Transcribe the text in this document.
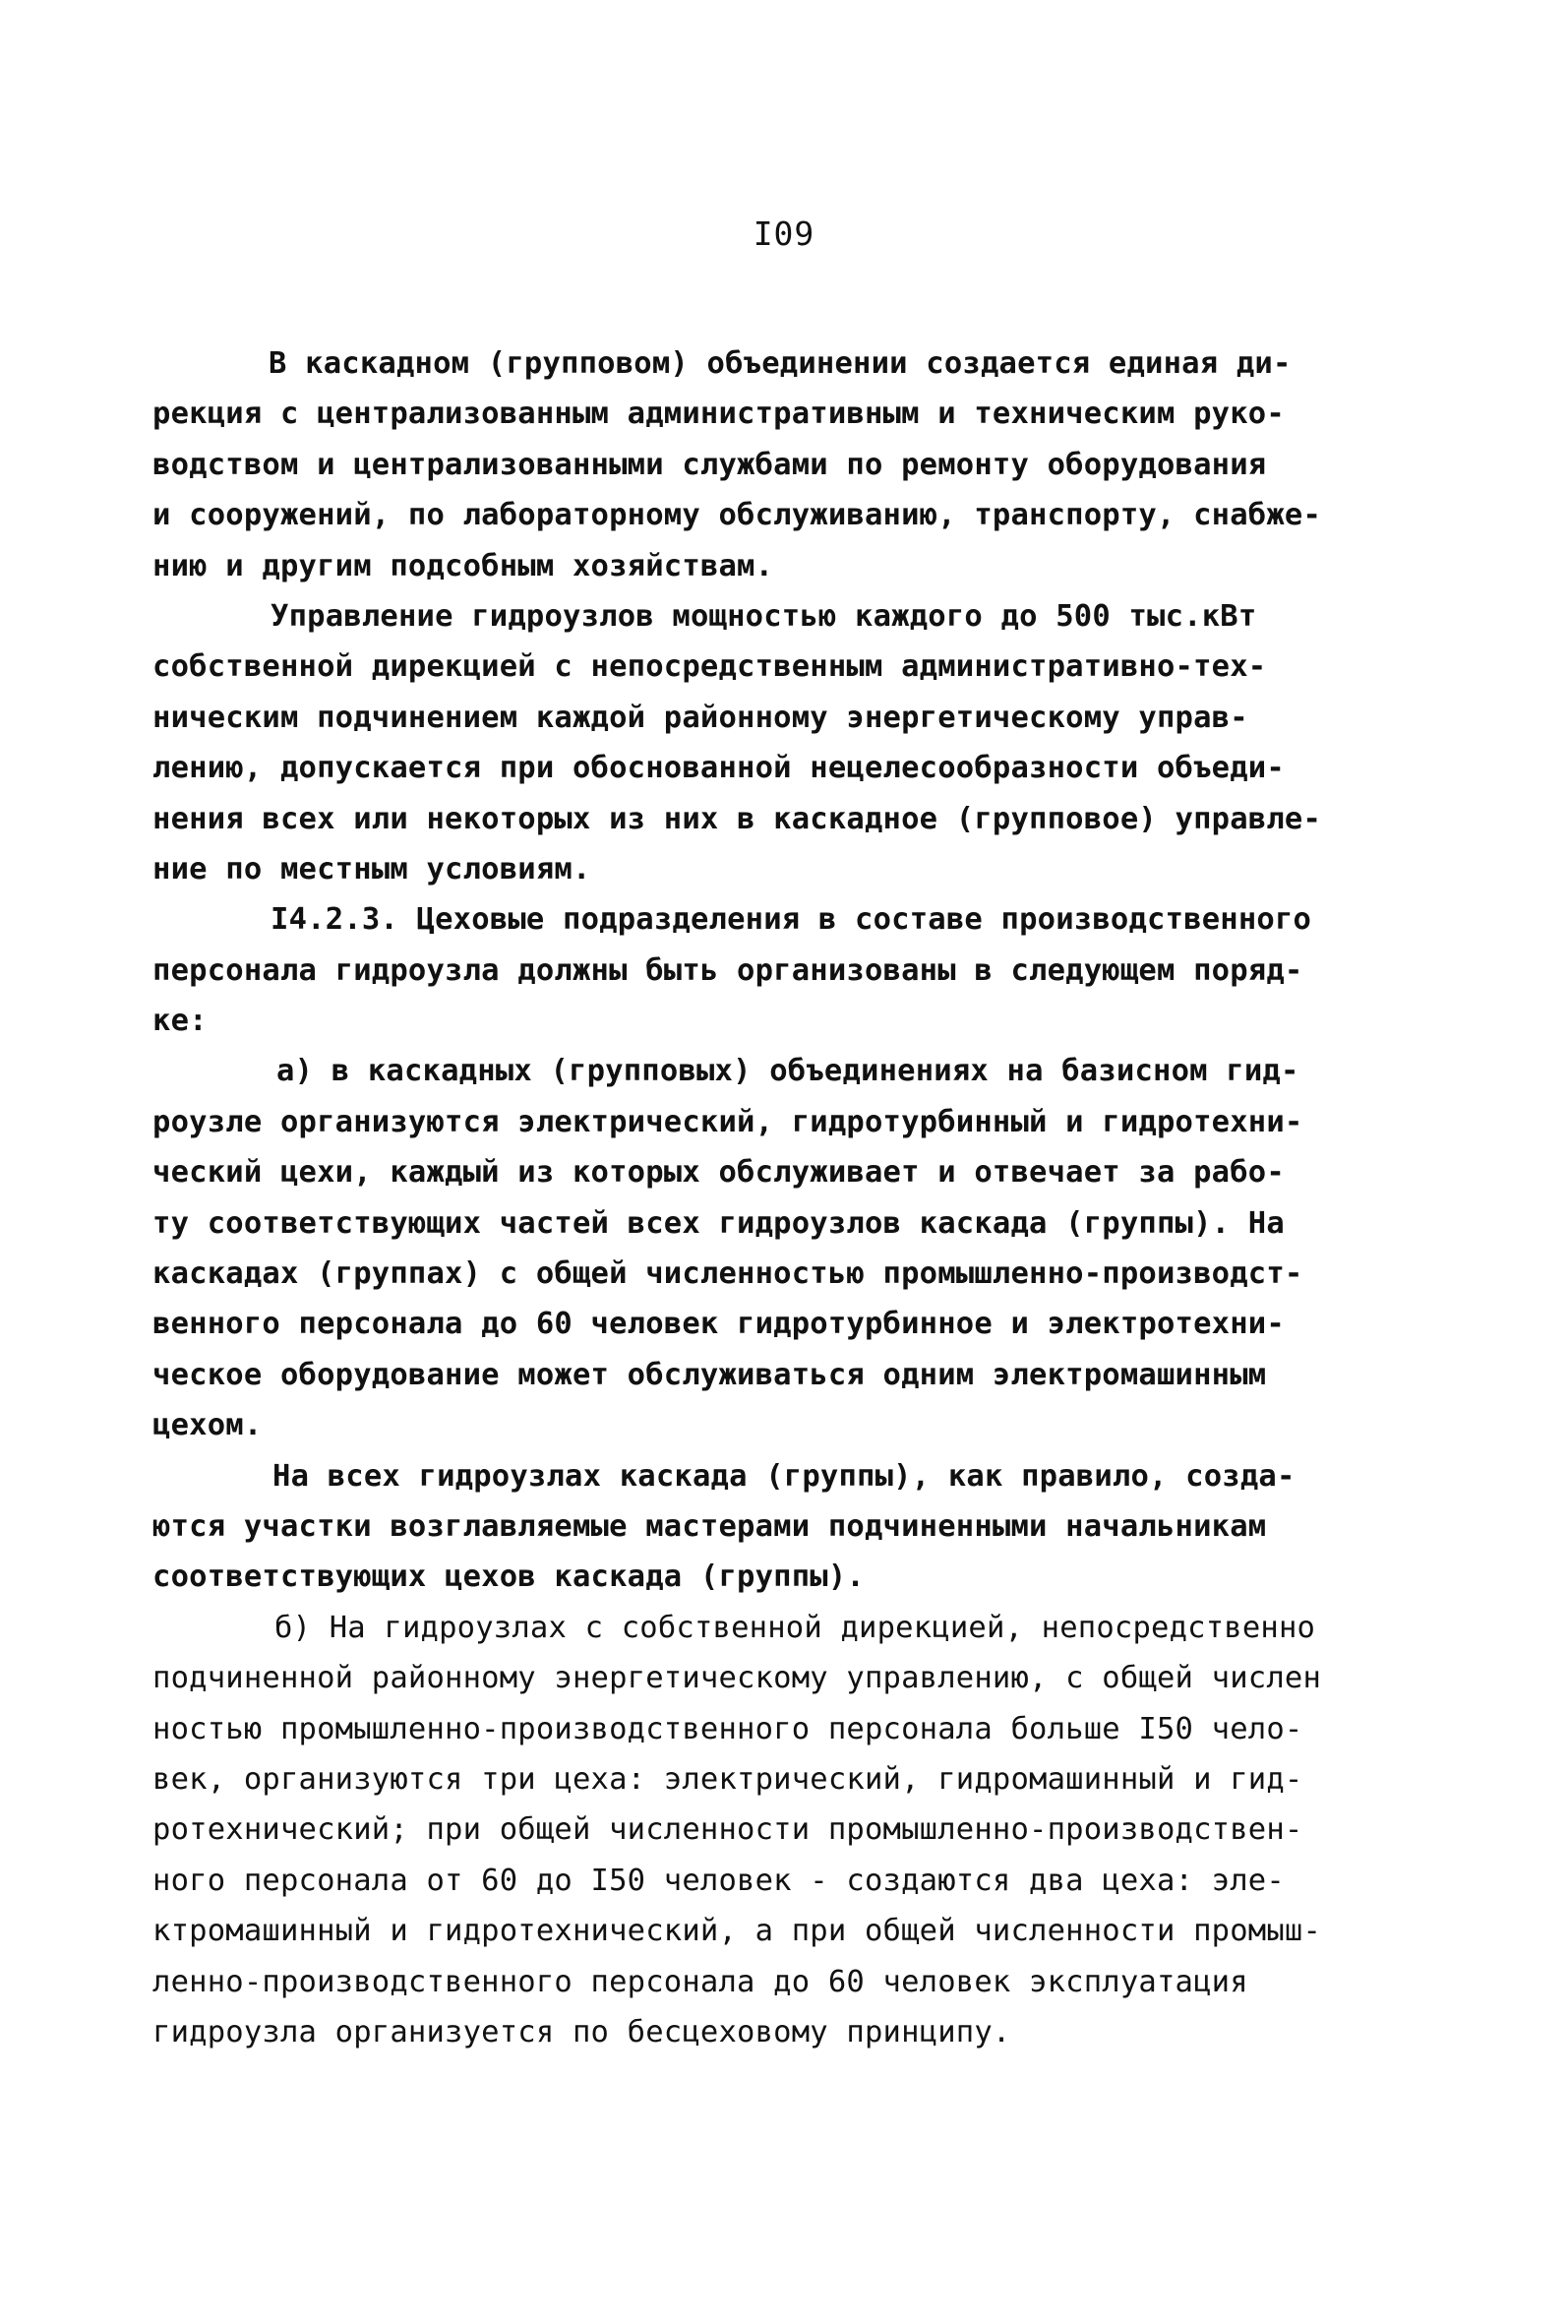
I09
В каскадном (групповом) объединении создается единая ди-
рекция с централизованным административным и техническим руко-
водством и централизованными службами по ремонту оборудования
и сооружений, по лабораторному обслуживанию, транспорту, снабже-
нию и другим подсобным хозяйствам.
Управление гидроузлов мощностью каждого до 500 тыс.кВт
собственной дирекцией с непосредственным административно-тех-
ническим подчинением каждой районному энергетическому управ-
лению, допускается при обоснованной нецелесообразности объеди-
нения всех или некоторых из них в каскадное (групповое) управле-
ние по местным условиям.
I4.2.3. Цеховые подразделения в составе производственного
персонала гидроузла должны быть организованы в следующем поряд-
ке:
а) в каскадных (групповых) объединениях на базисном гид-
роузле организуются электрический, гидротурбинный и гидротехни-
ческий цехи, каждый из которых обслуживает и отвечает за рабо-
ту соответствующих частей всех гидроузлов каскада (группы). На
каскадах (группах) с общей численностью промышленно-производст-
венного персонала до 60 человек гидротурбинное и электротехни-
ческое оборудование может обслуживаться одним электромашинным
цехом.
На всех гидроузлах каскада (группы), как правило, созда-
ются участки возглавляемые мастерами подчиненными начальникам
соответствующих цехов каскада (группы).
б) На гидроузлах с собственной дирекцией, непосредственно
подчиненной районному энергетическому управлению, с общей числен
ностью промышленно-производственного персонала больше I50 чело-
век, организуются три цеха: электрический, гидромашинный и гид-
ротехнический; при общей численности промышленно-производствен-
ного персонала от 60 до I50 человек - создаются два цеха: эле-
ктромашинный и гидротехнический, а при общей численности промыш-
ленно-производственного персонала до 60 человек эксплуатация
гидроузла организуется по бесцеховому принципу.
